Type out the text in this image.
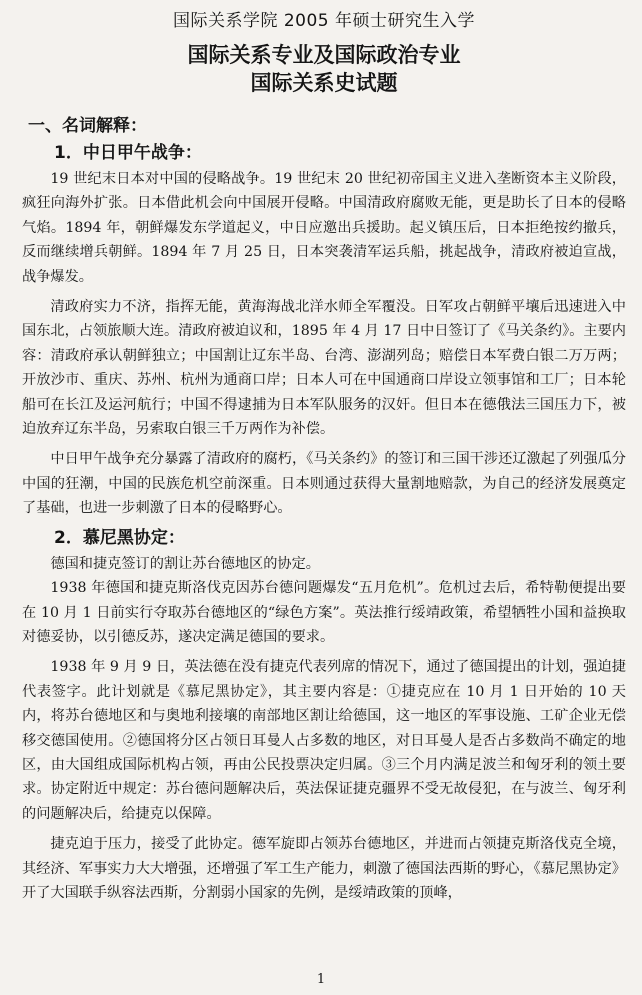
国际关系学院 2005 年硕士研究生入学
国际关系专业及国际政治专业
国际关系史试题
一、名词解释：
1．中日甲午战争：

19 世纪末日本对中国的侵略战争。19 世纪末 20 世纪初帝国主义进入垄断资本主义阶段，疯狂向海外扩张。日本借此机会向中国展开侵略。中国清政府腐败无能，更是助长了日本的侵略气焰。1894 年，朝鲜爆发东学道起义，中日应邀出兵援助。起义镇压后，日本拒绝按约撤兵，反而继续增兵朝鲜。1894 年 7 月 25 日，日本突袭清军运兵船，挑起战争，清政府被迫宣战，战争爆发。

清政府实力不济，指挥无能，黄海海战北洋水师全军覆没。日军攻占朝鲜平壤后迅速进入中国东北，占领旅顺大连。清政府被迫议和，1895 年 4 月 17 日中日签订了《马关条约》。主要内容：清政府承认朝鲜独立；中国割让辽东半岛、台湾、澎湖列岛；赔偿日本军费白银二万万两；开放沙市、重庆、苏州、杭州为通商口岸；日本人可在中国通商口岸设立领事馆和工厂；日本轮船可在长江及运河航行；中国不得逮捕为日本军队服务的汉奸。但日本在德俄法三国压力下，被迫放弃辽东半岛，另索取白银三千万两作为补偿。

中日甲午战争充分暴露了清政府的腐朽，《马关条约》的签订和三国干涉还辽激起了列强瓜分中国的狂潮，中国的民族危机空前深重。日本则通过获得大量割地赔款，为自己的经济发展奠定了基础，也进一步刺激了日本的侵略野心。

2．慕尼黑协定：

德国和捷克签订的割让苏台德地区的协定。

1938 年德国和捷克斯洛伐克因苏台德问题爆发“五月危机”。危机过去后，希特勒便提出要在 10 月 1 日前实行夺取苏台德地区的“绿色方案”。英法推行绥靖政策，希望牺牲小国和益换取对德妥协，以引德反苏，遂决定满足德国的要求。

1938 年 9 月 9 日，英法德在没有捷克代表列席的情况下，通过了德国提出的计划，强迫捷代表签字。此计划就是《慕尼黑协定》，其主要内容是：①捷克应在 10 月 1 日开始的 10 天内，将苏台德地区和与奥地利接壤的南部地区割让给德国，这一地区的军事设施、工矿企业无偿移交德国使用。②德国将分区占领日耳曼人占多数的地区，对日耳曼人是否占多数尚不确定的地区，由大国组成国际机构占领，再由公民投票决定归属。③三个月内满足波兰和匈牙利的领土要求。协定附近中规定：苏台德问题解决后，英法保证捷克疆界不受无故侵犯，在与波兰、匈牙利的问题解决后，给捷克以保障。

捷克迫于压力，接受了此协定。德军旋即占领苏台德地区，并进而占领捷克斯洛伐克全境，其经济、军事实力大大增强，还增强了军工生产能力，刺激了德国法西斯的野心，《慕尼黑协定》开了大国联手纵容法西斯，分割弱小国家的先例，是绥靖政策的顶峰，

1
